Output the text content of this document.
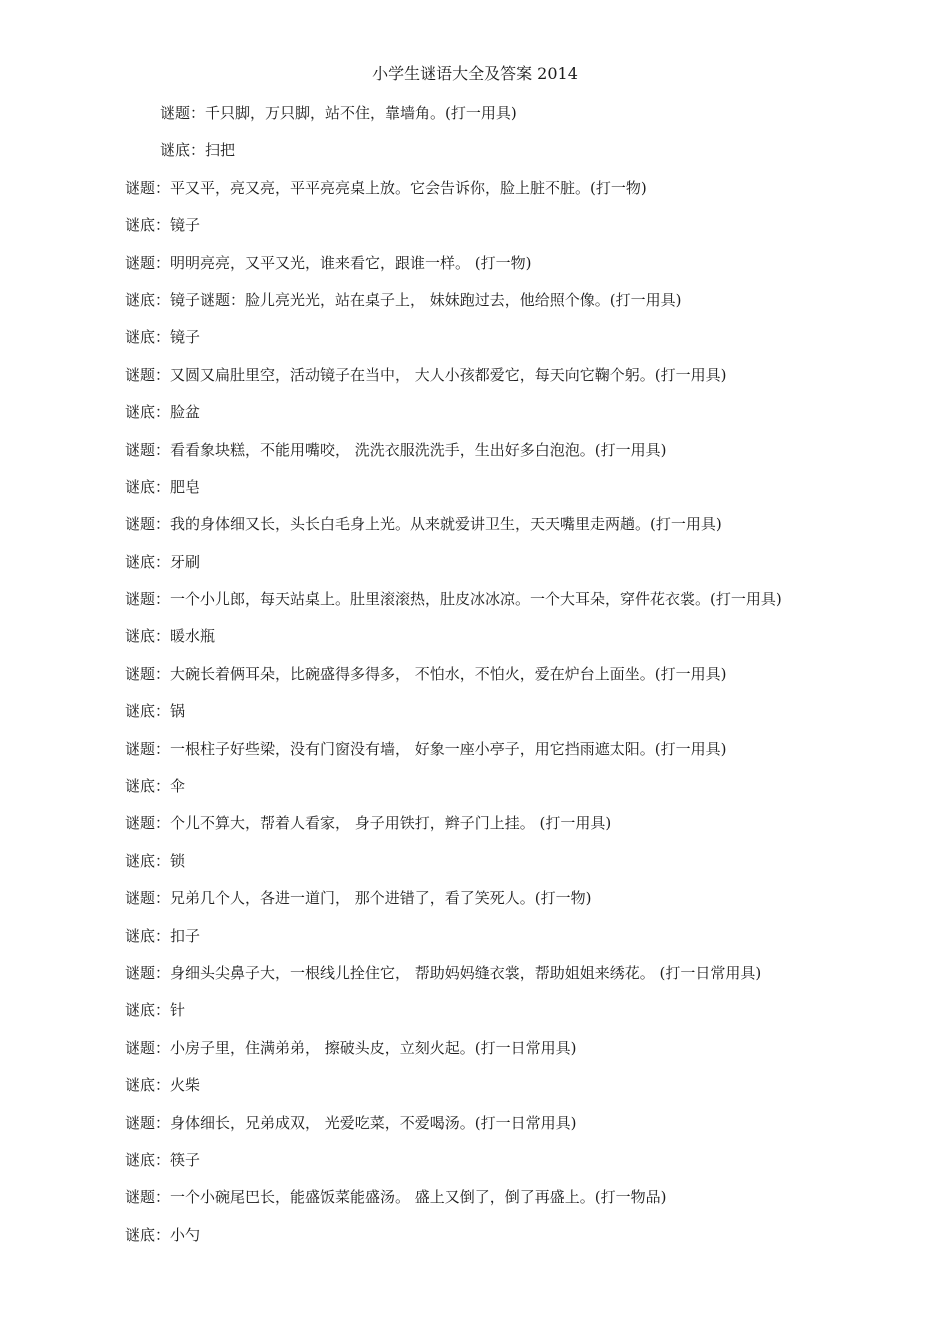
小学生谜语大全及答案 2014
谜题：千只脚，万只脚，站不住，靠墙角。(打一用具)
谜底：扫把
谜题：平又平，亮又亮，平平亮亮桌上放。它会告诉你，脸上脏不脏。(打一物)
谜底：镜子
谜题：明明亮亮，又平又光，谁来看它，跟谁一样。 (打一物)
谜底：镜子谜题：脸儿亮光光，站在桌子上， 妹妹跑过去，他给照个像。(打一用具)
谜底：镜子
谜题：又圆又扁肚里空，活动镜子在当中， 大人小孩都爱它，每天向它鞠个躬。(打一用具)
谜底：脸盆
谜题：看看象块糕，不能用嘴咬， 洗洗衣服洗洗手，生出好多白泡泡。(打一用具)
谜底：肥皂
谜题：我的身体细又长，头长白毛身上光。从来就爱讲卫生，天天嘴里走两趟。(打一用具)
谜底：牙刷
谜题：一个小儿郎，每天站桌上。肚里滚滚热，肚皮冰冰凉。一个大耳朵，穿件花衣裳。(打一用具)
谜底：暖水瓶
谜题：大碗长着俩耳朵，比碗盛得多得多， 不怕水，不怕火，爱在炉台上面坐。(打一用具)
谜底：锅
谜题：一根柱子好些梁，没有门窗没有墙， 好象一座小亭子，用它挡雨遮太阳。(打一用具)
谜底：伞
谜题：个儿不算大，帮着人看家， 身子用铁打，辫子门上挂。 (打一用具)
谜底：锁
谜题：兄弟几个人，各进一道门， 那个进错了，看了笑死人。(打一物)
谜底：扣子
谜题：身细头尖鼻子大，一根线儿拴住它， 帮助妈妈缝衣裳，帮助姐姐来绣花。 (打一日常用具)
谜底：针
谜题：小房子里，住满弟弟， 擦破头皮，立刻火起。(打一日常用具)
谜底：火柴
谜题：身体细长，兄弟成双， 光爱吃菜，不爱喝汤。(打一日常用具)
谜底：筷子
谜题：一个小碗尾巴长，能盛饭菜能盛汤。 盛上又倒了，倒了再盛上。(打一物品)
谜底：小勺
